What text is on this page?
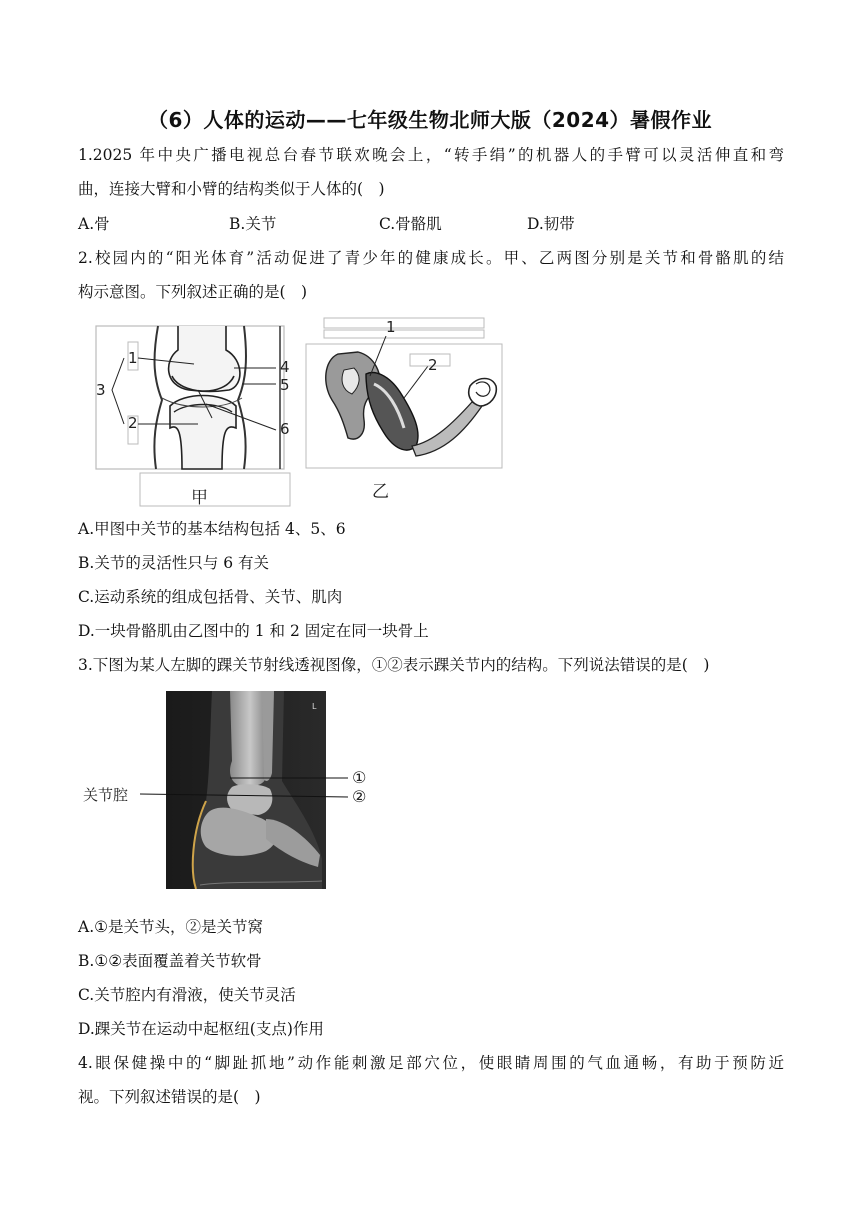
（6）人体的运动——七年级生物北师大版（2024）暑假作业
1.2025 年中央广播电视总台春节联欢晚会上，“转手绢”的机器人的手臂可以灵活伸直和弯
曲，连接大臂和小臂的结构类似于人体的(　)
A.骨	B.关节	C.骨骼肌	D.韧带
2.校园内的“阳光体育”活动促进了青少年的健康成长。甲、乙两图分别是关节和骨骼肌的结
构示意图。下列叙述正确的是(　)
1
2
3
4
5
6
甲
1
2
乙
A.甲图中关节的基本结构包括 4、5、6
B.关节的灵活性只与 6 有关
C.运动系统的组成包括骨、关节、肌肉
D.一块骨骼肌由乙图中的 1 和 2 固定在同一块骨上
3.下图为某人左脚的踝关节射线透视图像，①②表示踝关节内的结构。下列说法错误的是(　)
L
关节腔
①
②
A.①是关节头，②是关节窝
B.①②表面覆盖着关节软骨
C.关节腔内有滑液，使关节灵活
D.踝关节在运动中起枢纽(支点)作用
4.眼保健操中的“脚趾抓地”动作能刺激足部穴位，使眼睛周围的气血通畅，有助于预防近
视。下列叙述错误的是(　)
